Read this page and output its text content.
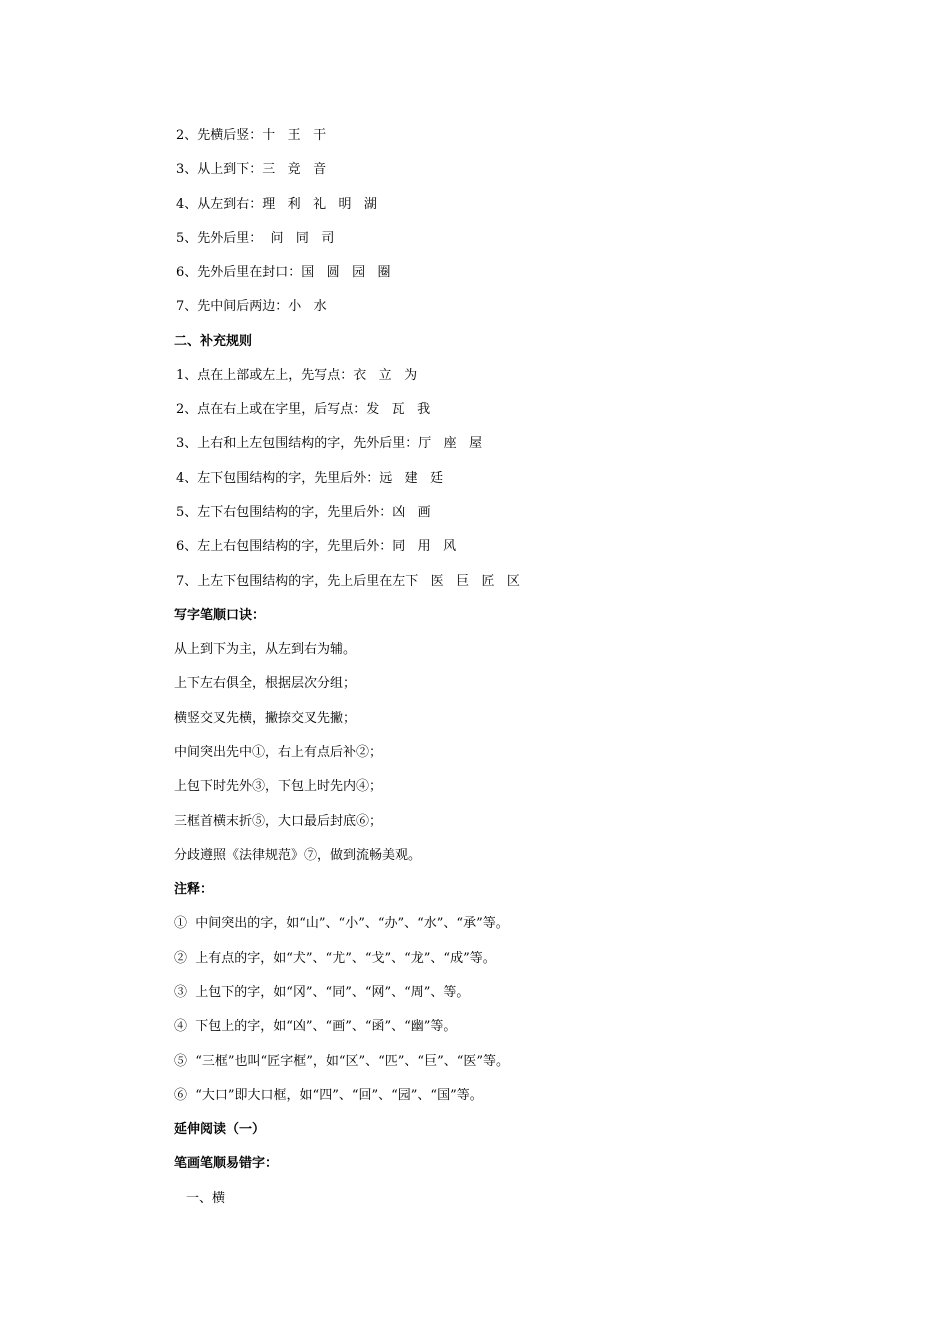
2、先横后竖：十   王   干
3、从上到下：三   竞   音
4、从左到右：理   利   礼   明   湖
5、先外后里：  问   同   司
6、先外后里在封口：国   圆   园   圈
7、先中间后两边：小   水
二、补充规则
1、点在上部或左上，先写点：衣   立   为
2、点在右上或在字里，后写点：发   瓦   我
3、上右和上左包围结构的字，先外后里：厅   座   屋
4、左下包围结构的字，先里后外：远   建   廷
5、左下右包围结构的字，先里后外：凶   画
6、左上右包围结构的字，先里后外：同   用   风
7、上左下包围结构的字，先上后里在左下   医   巨   匠   区
写字笔顺口诀：
从上到下为主，从左到右为辅。
上下左右俱全，根据层次分组；
横竖交叉先横，撇捺交叉先撇；
中间突出先中①，右上有点后补②；
上包下时先外③，下包上时先内④；
三框首横末折⑤，大口最后封底⑥；
分歧遵照《法律规范》⑦，做到流畅美观。
注释：
①  中间突出的字，如“山”、“小”、“办”、“水”、“承”等。
②  上有点的字，如“犬”、“尤”、“戈”、“龙”、“成”等。
③  上包下的字，如“冈”、“同”、“网”、“周”、等。
④  下包上的字，如“凶”、“画”、“函”、“幽”等。
⑤  “三框”也叫“匠字框”，如“区”、“匹”、“巨”、“医”等。
⑥  “大口”即大口框，如“四”、“回”、“园”、“国”等。
延伸阅读（一）
笔画笔顺易错字：
一、横
